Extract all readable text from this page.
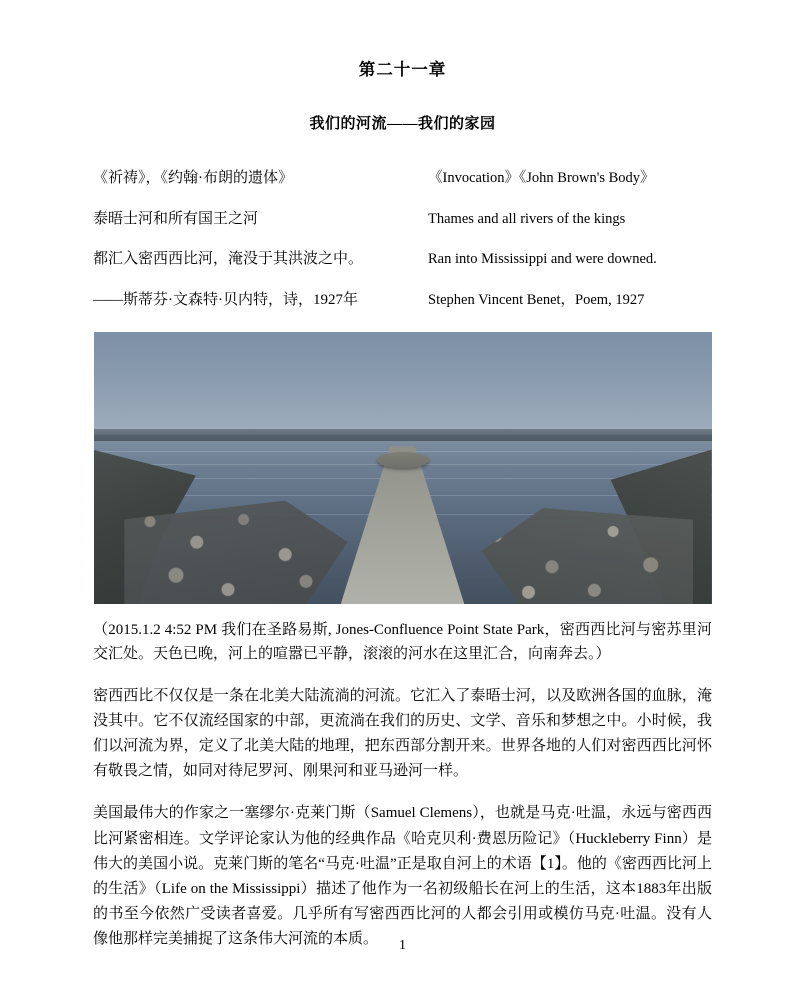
第二十一章
我们的河流——我们的家园
《祈祷》，《约翰·布朗的遗体》	《Invocation》《John Brown's Body》
泰晤士河和所有国王之河	Thames and all rivers of the kings
都汇入密西西比河，淹没于其洪波之中。	Ran into Mississippi and were downed.
——斯蒂芬·文森特·贝内特，诗，1927年	Stephen Vincent Benet，Poem, 1927

（2015.1.2 4:52 PM 我们在圣路易斯, Jones-Confluence Point State Park，密西西比河与密苏里河交汇处。天色已晚，河上的喧嚣已平静，滚滚的河水在这里汇合，向南奔去。）

密西西比不仅仅是一条在北美大陆流淌的河流。它汇入了泰晤士河，以及欧洲各国的血脉，淹没其中。它不仅流经国家的中部，更流淌在我们的历史、文学、音乐和梦想之中。小时候，我们以河流为界，定义了北美大陆的地理，把东西部分割开来。世界各地的人们对密西西比河怀有敬畏之情，如同对待尼罗河、刚果河和亚马逊河一样。

美国最伟大的作家之一塞缪尔·克莱门斯（Samuel Clemens），也就是马克·吐温，永远与密西西比河紧密相连。文学评论家认为他的经典作品《哈克贝利·费恩历险记》（Huckleberry Finn）是伟大的美国小说。克莱门斯的笔名“马克·吐温”正是取自河上的术语【1】。他的《密西西比河上的生活》（Life on the Mississippi）描述了他作为一名初级船长在河上的生活，这本1883年出版的书至今依然广受读者喜爱。几乎所有写密西西比河的人都会引用或模仿马克·吐温。没有人像他那样完美捕捉了这条伟大河流的本质。	1
